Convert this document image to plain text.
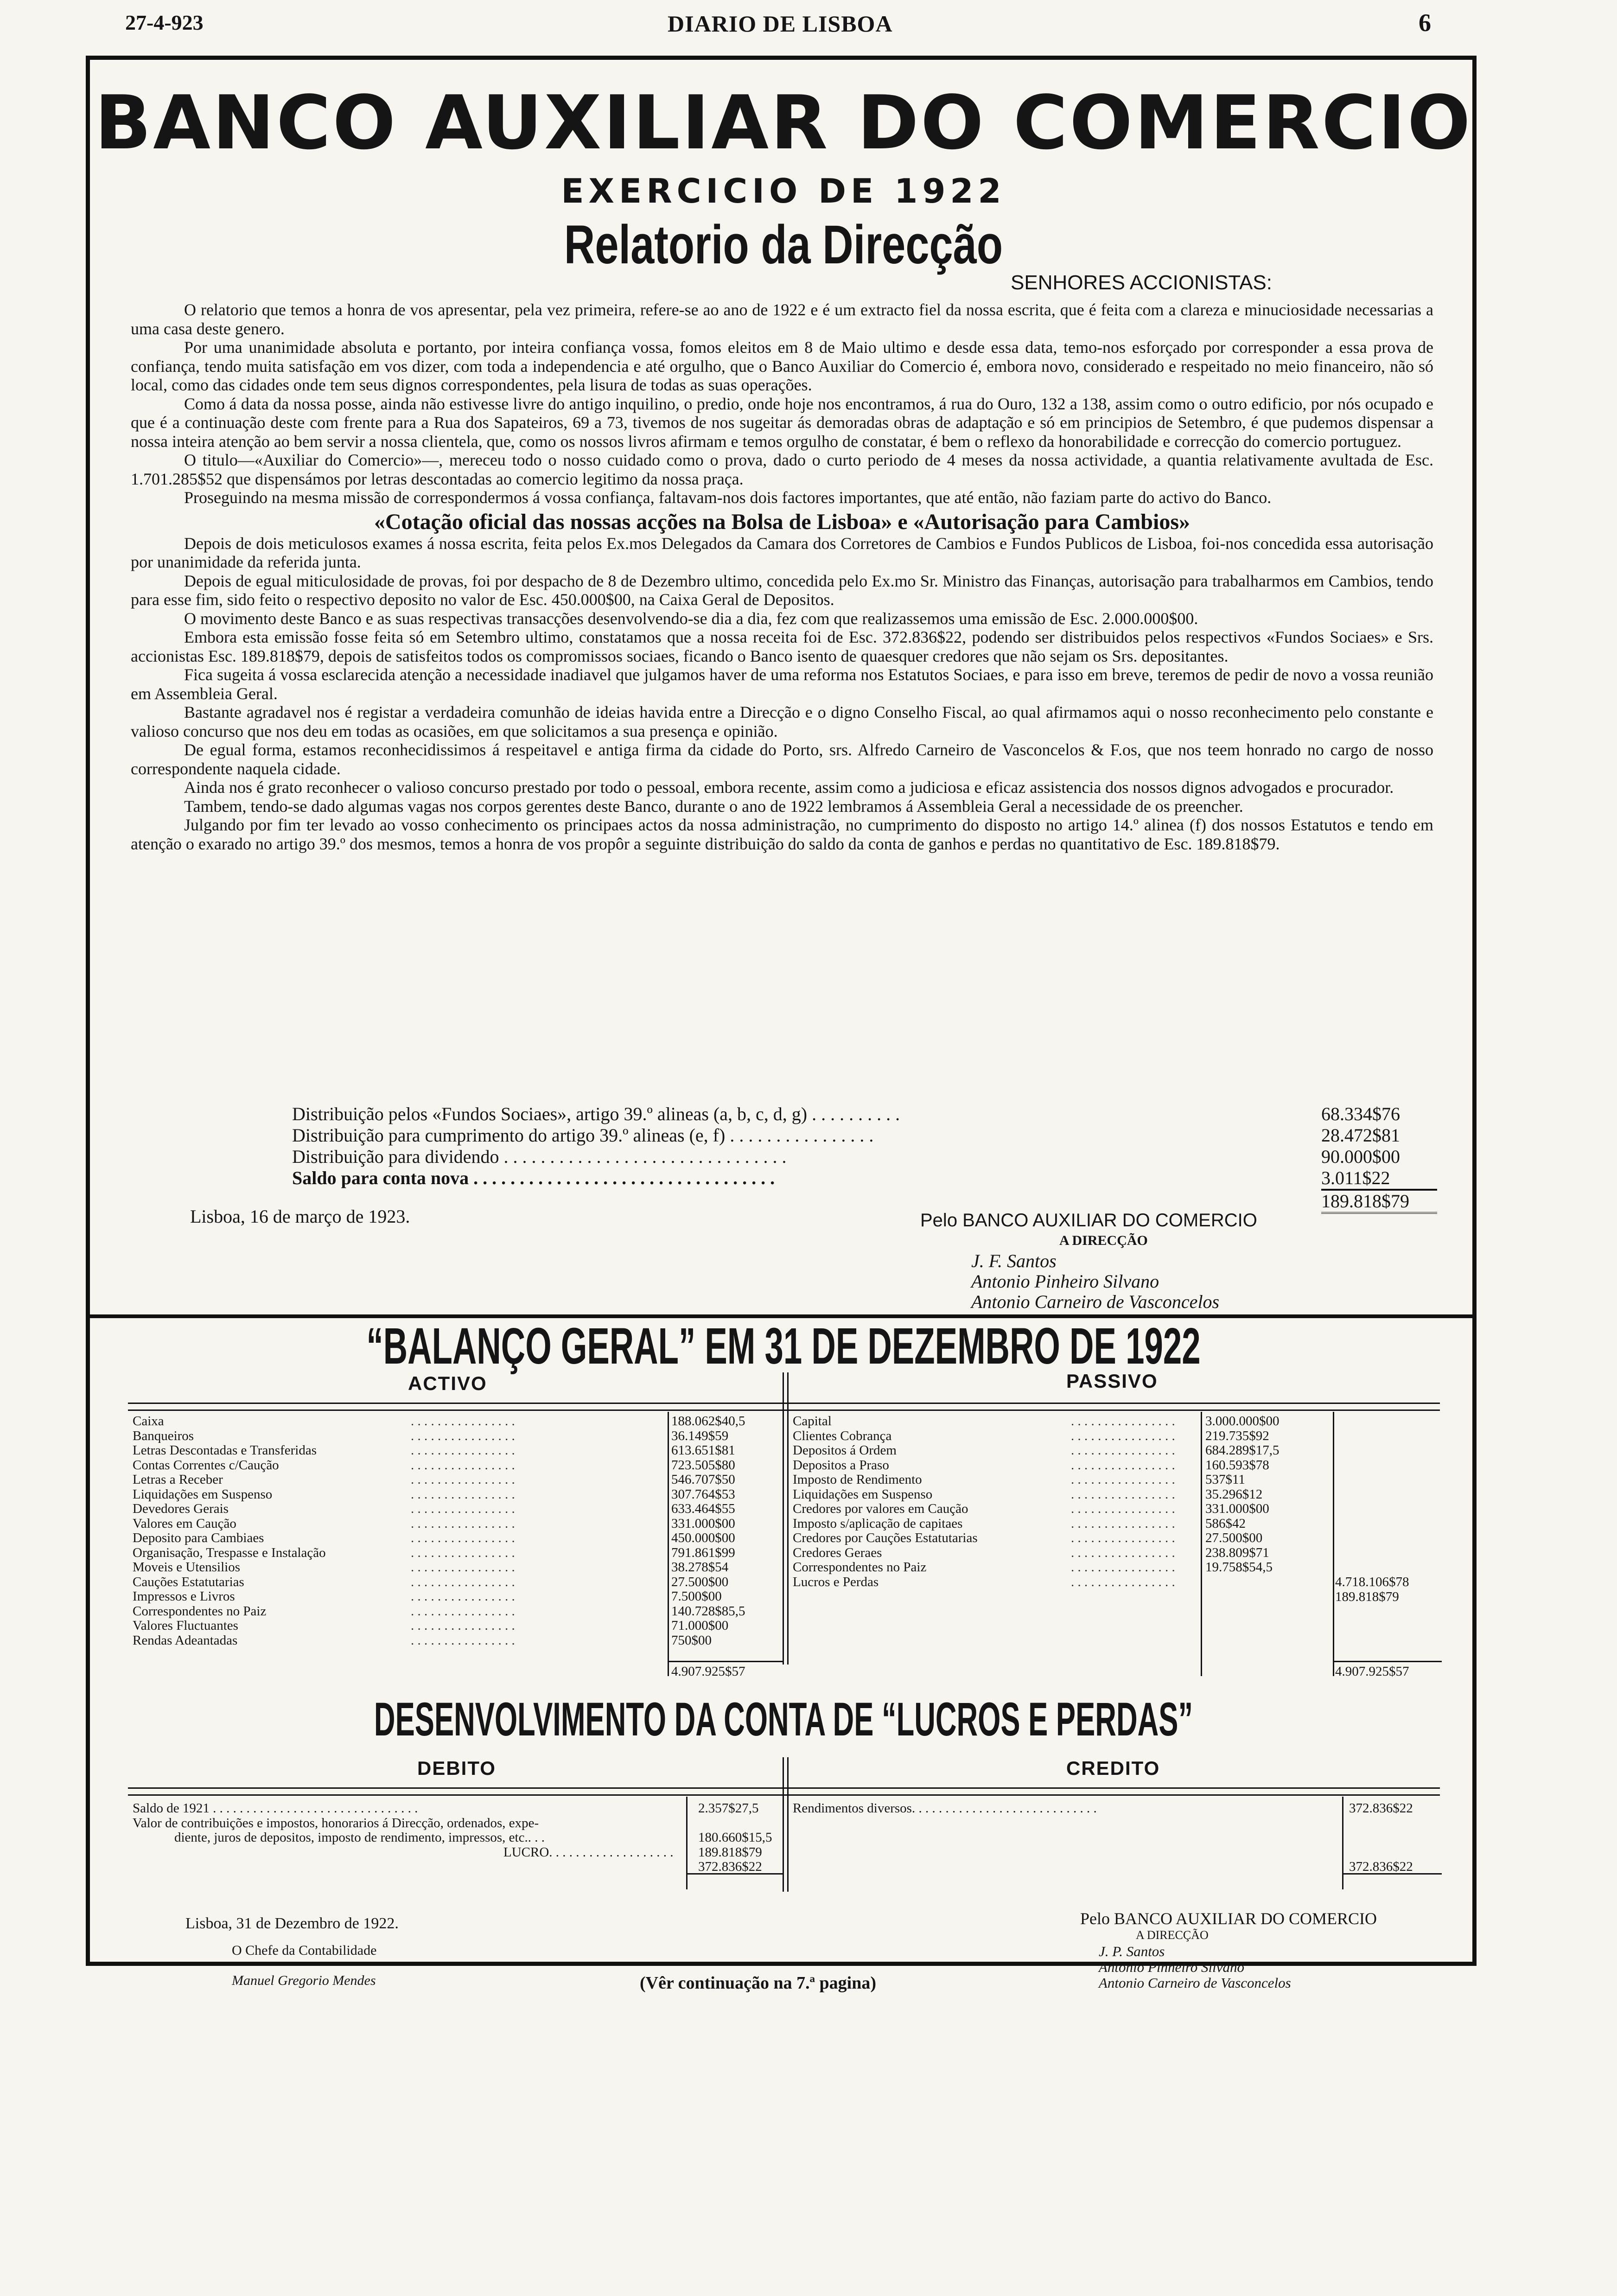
27-4-923	DIARIO DE LISBOA	6
BANCO AUXILIAR DO COMERCIO
EXERCICIO DE 1922
Relatorio da Direcção
SENHORES ACCIONISTAS:

O relatorio que temos a honra de vos apresentar, pela vez primeira, refere-se ao ano de 1922 e é um extracto fiel da nossa escrita, que é feita com a clareza e minuciosidade necessarias a uma casa deste genero.

Por uma unanimidade absoluta e portanto, por inteira confiança vossa, fomos eleitos em 8 de Maio ultimo e desde essa data, temo-nos esforçado por corresponder a essa prova de confiança, tendo muita satisfação em vos dizer, com toda a independencia e até orgulho, que o Banco Auxiliar do Comercio é, embora novo, considerado e respeitado no meio financeiro, não só local, como das cidades onde tem seus dignos correspondentes, pela lisura de todas as suas operações.

Como á data da nossa posse, ainda não estivesse livre do antigo inquilino, o predio, onde hoje nos encontramos, á rua do Ouro, 132 a 138, assim como o outro edificio, por nós ocupado e que é a continuação deste com frente para a Rua dos Sapateiros, 69 a 73, tivemos de nos sugeitar ás demoradas obras de adaptação e só em principios de Setembro, é que pudemos dispensar a nossa inteira atenção ao bem servir a nossa clientela, que, como os nossos livros afirmam e temos orgulho de constatar, é bem o reflexo da honorabilidade e correcção do comercio portuguez.

O titulo—«Auxiliar do Comercio»—, mereceu todo o nosso cuidado como o prova, dado o curto periodo de 4 meses da nossa actividade, a quantia relativamente avultada de Esc. 1.701.285$52 que dispensámos por letras descontadas ao comercio legitimo da nossa praça.

Proseguindo na mesma missão de correspondermos á vossa confiança, faltavam-nos dois factores importantes, que até então, não faziam parte do activo do Banco.

«Cotação oficial das nossas acções na Bolsa de Lisboa» e «Autorisação para Cambios»

Depois de dois meticulosos exames á nossa escrita, feita pelos Ex.mos Delegados da Camara dos Corretores de Cambios e Fundos Publicos de Lisboa, foi-nos concedida essa autorisação por unanimidade da referida junta.

Depois de egual miticulosidade de provas, foi por despacho de 8 de Dezembro ultimo, concedida pelo Ex.mo Sr. Ministro das Finanças, autorisação para trabalharmos em Cambios, tendo para esse fim, sido feito o respectivo deposito no valor de Esc. 450.000$00, na Caixa Geral de Depositos.

O movimento deste Banco e as suas respectivas transacções desenvolvendo-se dia a dia, fez com que realizassemos uma emissão de Esc. 2.000.000$00.

Embora esta emissão fosse feita só em Setembro ultimo, constatamos que a nossa receita foi de Esc. 372.836$22, podendo ser distribuidos pelos respectivos «Fundos Sociaes» e Srs. accionistas Esc. 189.818$79, depois de satisfeitos todos os compromissos sociaes, ficando o Banco isento de quaesquer credores que não sejam os Srs. depositantes.

Fica sugeita á vossa esclarecida atenção a necessidade inadiavel que julgamos haver de uma reforma nos Estatutos Sociaes, e para isso em breve, teremos de pedir de novo a vossa reunião em Assembleia Geral.

Bastante agradavel nos é registar a verdadeira comunhão de ideias havida entre a Direcção e o digno Conselho Fiscal, ao qual afirmamos aqui o nosso reconhecimento pelo constante e valioso concurso que nos deu em todas as ocasiões, em que solicitamos a sua presença e opinião.

De egual forma, estamos reconhecidissimos á respeitavel e antiga firma da cidade do Porto, srs. Alfredo Carneiro de Vasconcelos & F.os, que nos teem honrado no cargo de nosso correspondente naquela cidade.

Ainda nos é grato reconhecer o valioso concurso prestado por todo o pessoal, embora recente, assim como a judiciosa e eficaz assistencia dos nossos dignos advogados e procurador.

Tambem, tendo-se dado algumas vagas nos corpos gerentes deste Banco, durante o ano de 1922 lembramos á Assembleia Geral a necessidade de os preencher.

Julgando por fim ter levado ao vosso conhecimento os principaes actos da nossa administração, no cumprimento do disposto no artigo 14.º alinea (f) dos nossos Estatutos e tendo em atenção o exarado no artigo 39.º dos mesmos, temos a honra de vos propôr a seguinte distribuição do saldo da conta de ganhos e perdas no quantitativo de Esc. 189.818$79.

Distribuição pelos «Fundos Sociaes», artigo 39.º alineas (a, b, c, d, g) . . . . . . . . . .	68.334$76
Distribuição para cumprimento do artigo 39.º alineas (e, f) . . . . . . . . . . . . . . . .	28.472$81
Distribuição para dividendo . . . . . . . . . . . . . . . . . . . . . . . . . . . . . . .	90.000$00
Saldo para conta nova . . . . . . . . . . . . . . . . . . . . . . . . . . . . . . . . .	3.011$22
189.818$79
Lisboa, 16 de março de 1923.	Pelo BANCO AUXILIAR DO COMERCIO
A DIRECÇÃO
J. F. Santos
Antonio Pinheiro Silvano
Antonio Carneiro de Vasconcelos
“BALANÇO GERAL” EM 31 DE DEZEMBRO DE 1922
ACTIVO	PASSIVO
Caixa	. . . . . . . . . . . . . . . .	188.062$40,5
Banqueiros	. . . . . . . . . . . . . . . .	36.149$59
Letras Descontadas e Transferidas	. . . . . . . . . . . . . . . .	613.651$81
Contas Correntes c/Caução	. . . . . . . . . . . . . . . .	723.505$80
Letras a Receber	. . . . . . . . . . . . . . . .	546.707$50
Liquidações em Suspenso	. . . . . . . . . . . . . . . .	307.764$53
Devedores Gerais	. . . . . . . . . . . . . . . .	633.464$55
Valores em Caução	. . . . . . . . . . . . . . . .	331.000$00
Deposito para Cambiaes	. . . . . . . . . . . . . . . .	450.000$00
Organisação, Trespasse e Instalação	. . . . . . . . . . . . . . . .	791.861$99
Moveis e Utensilios	. . . . . . . . . . . . . . . .	38.278$54
Cauções Estatutarias	. . . . . . . . . . . . . . . .	27.500$00
Impressos e Livros	. . . . . . . . . . . . . . . .	7.500$00
Correspondentes no Paiz	. . . . . . . . . . . . . . . .	140.728$85,5
Valores Fluctuantes	. . . . . . . . . . . . . . . .	71.000$00
Rendas Adeantadas	. . . . . . . . . . . . . . . .	750$00
Capital	. . . . . . . . . . . . . . . . 3.000.000$00
Clientes Cobrança	. . . . . . . . . . . . . . . . 219.735$92
Depositos á Ordem	. . . . . . . . . . . . . . . . 684.289$17,5
Depositos a Praso	. . . . . . . . . . . . . . . . 160.593$78
Imposto de Rendimento	. . . . . . . . . . . . . . . . 537$11
Liquidações em Suspenso	. . . . . . . . . . . . . . . . 35.296$12
Credores por valores em Caução	. . . . . . . . . . . . . . . . 331.000$00
Imposto s/aplicação de capitaes	. . . . . . . . . . . . . . . . 586$42
Credores por Cauções Estatutarias	. . . . . . . . . . . . . . . . 27.500$00
Credores Geraes	. . . . . . . . . . . . . . . . 238.809$71
Correspondentes no Paiz	. . . . . . . . . . . . . . . . 19.758$54,5
Lucros e Perdas	. . . . . . . . . . . . . . . .	4.718.106$78
189.818$79
4.907.925$57	4.907.925$57
DESENVOLVIMENTO DA CONTA DE “LUCROS E PERDAS”
DEBITO	CREDITO
Saldo de 1921 . . . . . . . . . . . . . . . . . . . . . . . . . . . . . . .	2.357$27,5
Valor de contribuições e impostos, honorarios á Direcção, ordenados, expe-
diente, juros de depositos, imposto de rendimento, impressos, etc.. . .	180.660$15,5
LUCRO. . . . . . . . . . . . . . . . . . . 189.818$79
372.836$22
Rendimentos diversos. . . . . . . . . . . . . . . . . . . . . . . . . . . .	372.836$22
372.836$22
Lisboa, 31 de Dezembro de 1922.
O Chefe da Contabilidade
Manuel Gregorio Mendes	(Vêr continuação na 7.ª pagina)
Pelo BANCO AUXILIAR DO COMERCIO
A DIRECÇÃO
J. P. Santos
Antonio Pinheiro Silvano
Antonio Carneiro de Vasconcelos
